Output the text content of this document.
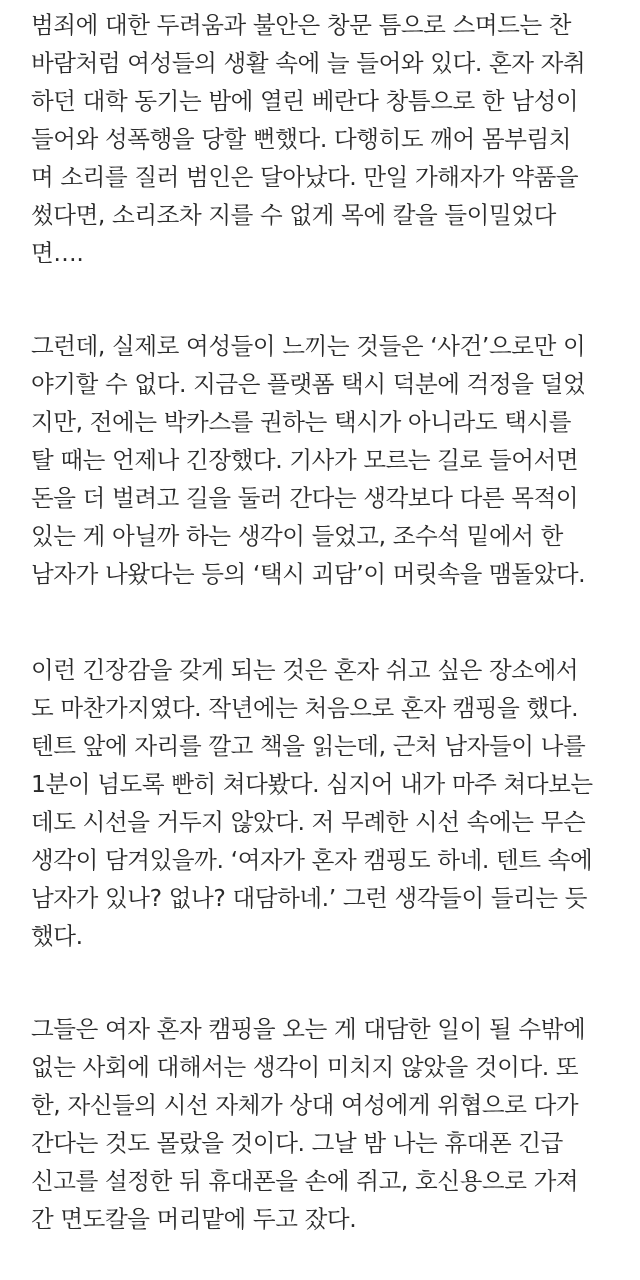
범죄에 대한 두려움과 불안은 창문 틈으로 스며드는 찬
바람처럼 여성들의 생활 속에 늘 들어와 있다. 혼자 자취
하던 대학 동기는 밤에 열린 베란다 창틈으로 한 남성이
들어와 성폭행을 당할 뻔했다. 다행히도 깨어 몸부림치
며 소리를 질러 범인은 달아났다. 만일 가해자가 약품을
썼다면, 소리조차 지를 수 없게 목에 칼을 들이밀었다
면….
그런데, 실제로 여성들이 느끼는 것들은 ‘사건’으로만 이
야기할 수 없다. 지금은 플랫폼 택시 덕분에 걱정을 덜었
지만, 전에는 박카스를 권하는 택시가 아니라도 택시를
탈 때는 언제나 긴장했다. 기사가 모르는 길로 들어서면
돈을 더 벌려고 길을 둘러 간다는 생각보다 다른 목적이
있는 게 아닐까 하는 생각이 들었고, 조수석 밑에서 한
남자가 나왔다는 등의 ‘택시 괴담’이 머릿속을 맴돌았다.
이런 긴장감을 갖게 되는 것은 혼자 쉬고 싶은 장소에서
도 마찬가지였다. 작년에는 처음으로 혼자 캠핑을 했다.
텐트 앞에 자리를 깔고 책을 읽는데, 근처 남자들이 나를
1분이 넘도록 빤히 쳐다봤다. 심지어 내가 마주 쳐다보는
데도 시선을 거두지 않았다. 저 무례한 시선 속에는 무슨
생각이 담겨있을까. ‘여자가 혼자 캠핑도 하네. 텐트 속에
남자가 있나? 없나? 대담하네.’ 그런 생각들이 들리는 듯
했다.
그들은 여자 혼자 캠핑을 오는 게 대담한 일이 될 수밖에
없는 사회에 대해서는 생각이 미치지 않았을 것이다. 또
한, 자신들의 시선 자체가 상대 여성에게 위협으로 다가
간다는 것도 몰랐을 것이다. 그날 밤 나는 휴대폰 긴급
신고를 설정한 뒤 휴대폰을 손에 쥐고, 호신용으로 가져
간 면도칼을 머리맡에 두고 잤다.
